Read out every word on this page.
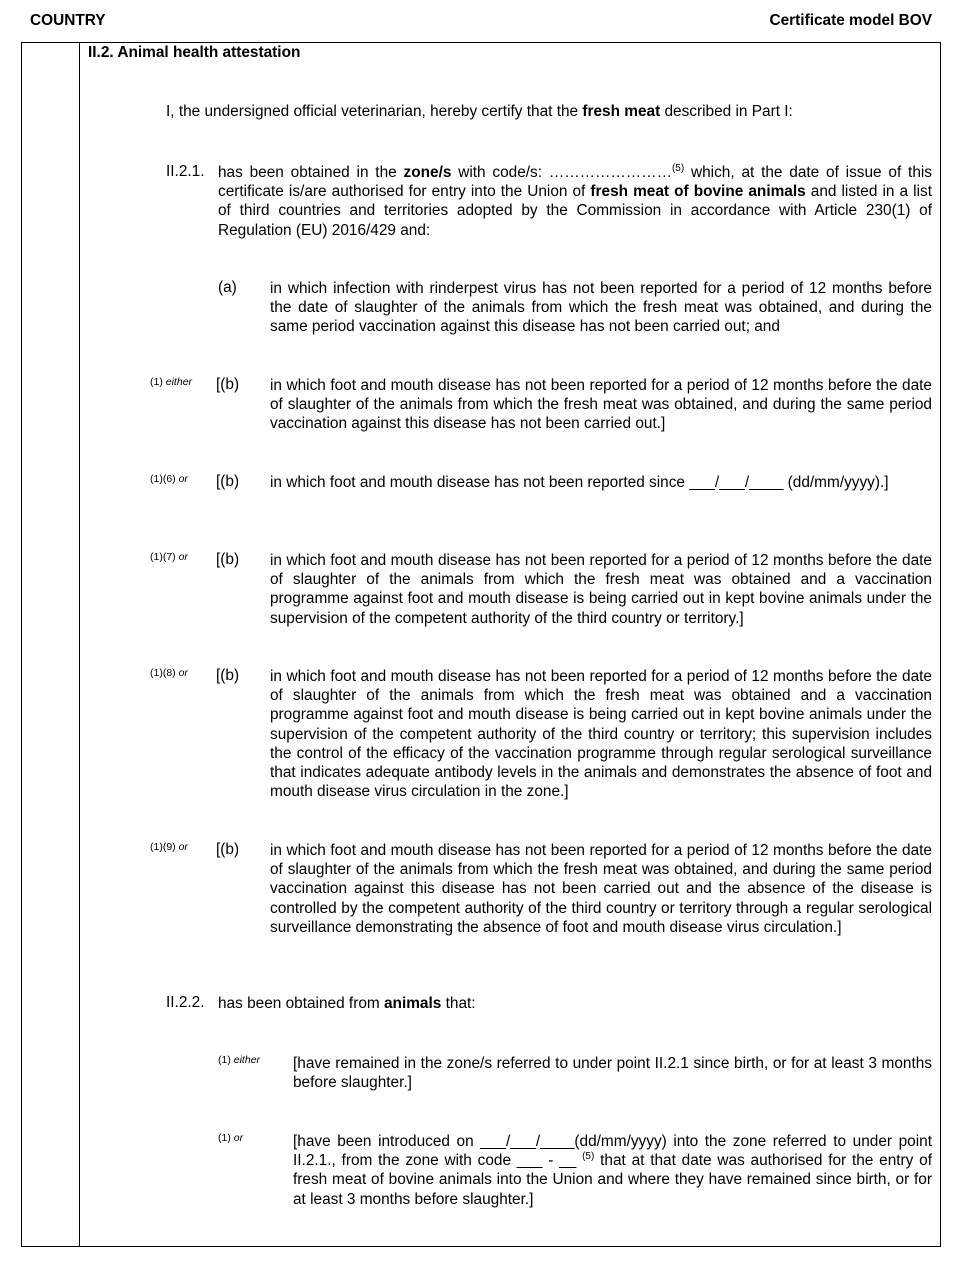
COUNTRY	Certificate model BOV
II.2. Animal health attestation
I, the undersigned official veterinarian, hereby certify that the fresh meat described in Part I:
II.2.1. has been obtained in the zone/s with code/s: ……………………$^{(5)}$ which, at the date of issue of this certificate is/are authorised for entry into the Union of fresh meat of bovine animals and listed in a list of third countries and territories adopted by the Commission in accordance with Article 230(1) of Regulation (EU) 2016/429 and:
(a) in which infection with rinderpest virus has not been reported for a period of 12 months before the date of slaughter of the animals from which the fresh meat was obtained, and during the same period vaccination against this disease has not been carried out; and
(1) either [(b) in which foot and mouth disease has not been reported for a period of 12 months before the date of slaughter of the animals from which the fresh meat was obtained, and during the same period vaccination against this disease has not been carried out.]
(1)(6) or [(b) in which foot and mouth disease has not been reported since ___/___/____ (dd/mm/yyyy).]
(1)(7) or [(b) in which foot and mouth disease has not been reported for a period of 12 months before the date of slaughter of the animals from which the fresh meat was obtained and a vaccination programme against foot and mouth disease is being carried out in kept bovine animals under the supervision of the competent authority of the third country or territory.]
(1)(8) or [(b) in which foot and mouth disease has not been reported for a period of 12 months before the date of slaughter of the animals from which the fresh meat was obtained and a vaccination programme against foot and mouth disease is being carried out in kept bovine animals under the supervision of the competent authority of the third country or territory; this supervision includes the control of the efficacy of the vaccination programme through regular serological surveillance that indicates adequate antibody levels in the animals and demonstrates the absence of foot and mouth disease virus circulation in the zone.]
(1)(9) or [(b) in which foot and mouth disease has not been reported for a period of 12 months before the date of slaughter of the animals from which the fresh meat was obtained, and during the same period vaccination against this disease has not been carried out and the absence of the disease is controlled by the competent authority of the third country or territory through a regular serological surveillance demonstrating the absence of foot and mouth disease virus circulation.]
II.2.2. has been obtained from animals that:
(1) either [have remained in the zone/s referred to under point II.2.1 since birth, or for at least 3 months before slaughter.]
(1) or	[have been introduced on ___/___/____(dd/mm/yyyy) into the zone referred to under point II.2.1., from the zone with code ___ - __ $^{(5)}$ that at that date was authorised for the entry of fresh meat of bovine animals into the Union and where they have remained since birth, or for at least 3 months before slaughter.]
